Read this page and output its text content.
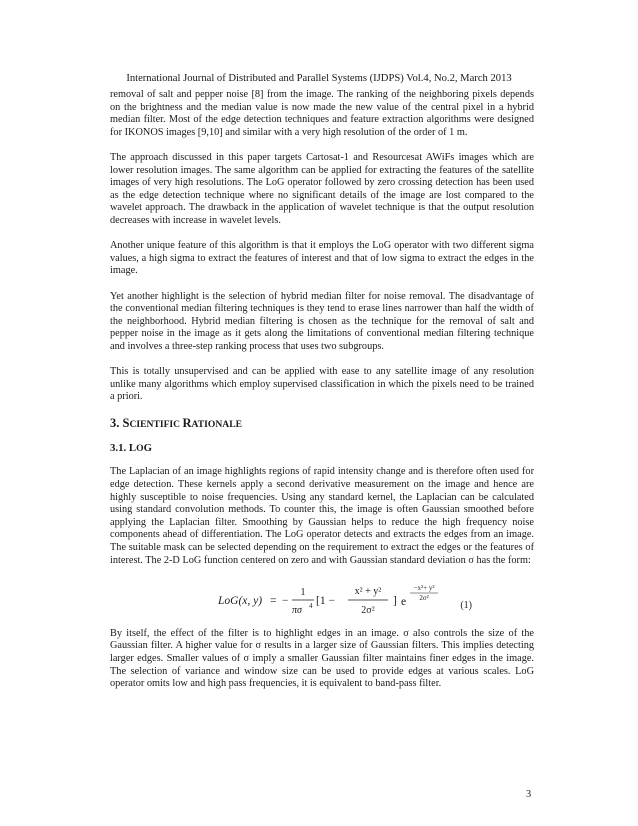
International Journal of Distributed and Parallel Systems (IJDPS) Vol.4, No.2, March 2013

removal of salt and pepper noise [8] from the image. The ranking of the neighboring pixels depends on the brightness and the median value is now made the new value of the central pixel in a hybrid median filter. Most of the edge detection techniques and feature extraction algorithms were designed for IKONOS images [9,10] and similar with a very high resolution of the order of 1 m.

The approach discussed in this paper targets Cartosat-1 and Resourcesat AWiFs images which are lower resolution images. The same algorithm can be applied for extracting the features of the satellite images of very high resolutions. The LoG operator followed by zero crossing detection has been used as the edge detection technique where no significant details of the image are lost compared to the wavelet approach. The drawback in the application of wavelet technique is that the output resolution decreases with increase in wavelet levels.

Another unique feature of this algorithm is that it employs the LoG operator with two different sigma values, a high sigma to extract the features of interest and that of low sigma to extract the edges in the image.

Yet another highlight is the selection of hybrid median filter for noise removal. The disadvantage of the conventional median filtering techniques is they tend to erase lines narrower than half the width of the neighborhood. Hybrid median filtering is chosen as the technique for the removal of salt and pepper noise in the image as it gets along the limitations of conventional median filtering technique and involves a three-step ranking process that uses two subgroups.

This is totally unsupervised and can be applied with ease to any satellite image of any resolution unlike many algorithms which employ supervised classification in which the pixels need to be trained a priori.

3. SCIENTIFIC RATIONALE
3.1. LOG

The Laplacian of an image highlights regions of rapid intensity change and is therefore often used for edge detection. These kernels apply a second derivative measurement on the image and hence are highly susceptible to noise frequencies. Using any standard kernel, the Laplacian can be calculated using standard convolution methods. To counter this, the image is often Gaussian smoothed before applying the Laplacian filter. Smoothing by Gaussian helps to reduce the high frequency noise components ahead of differentiation. The LoG operator detects and extracts the edges from an image. The suitable mask can be selected depending on the requirement to extract the edges or the features of interest. The 2-D LoG function centered on zero and with Gaussian standard deviation σ has the form:

LoG(x, y) = −
1
πσ 4 [1 −
x² + y²
2σ²
] e
−x²+ y²
2σ²
(1)

By itself, the effect of the filter is to highlight edges in an image. σ also controls the size of the Gaussian filter. A higher value for σ results in a larger size of Gaussian filters. This implies detecting larger edges. Smaller values of σ imply a smaller Gaussian filter maintains finer edges in the image. The selection of variance and window size can be used to provide edges at various scales. LoG operator omits low and high pass frequencies, it is equivalent to band-pass filter.

3
